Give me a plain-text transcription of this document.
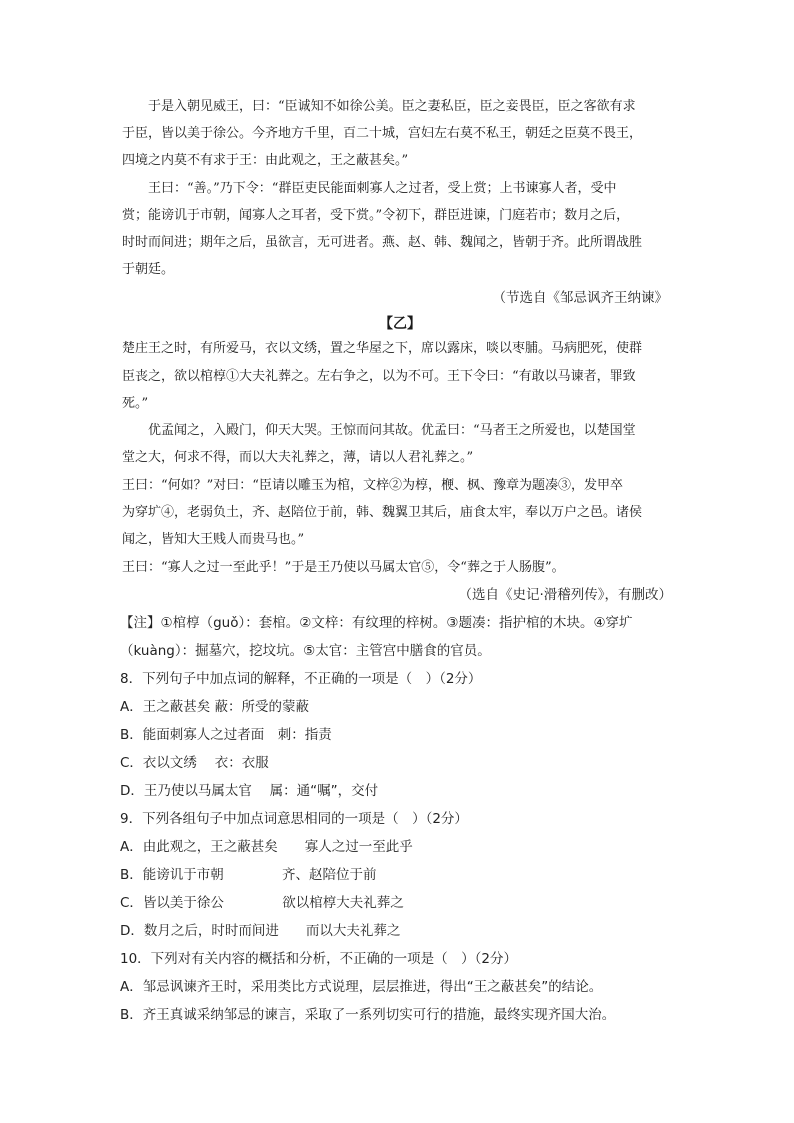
于是入朝见威王，曰：“臣诚知不如徐公美。臣之妻私臣，臣之妾畏臣，臣之客欲有求
于臣，皆以美于徐公。今齐地方千里，百二十城，宫妇左右莫不私王，朝廷之臣莫不畏王，
四境之内莫不有求于王：由此观之，王之蔽甚矣。”
王曰：“善。”乃下令：“群臣吏民能面刺寡人之过者，受上赏；上书谏寡人者，受中
赏；能谤讥于市朝，闻寡人之耳者，受下赏。”令初下，群臣进谏，门庭若市；数月之后，
时时而间进；期年之后，虽欲言，无可进者。燕、赵、韩、魏闻之，皆朝于齐。此所谓战胜
于朝廷。
（节选自《邹忌讽齐王纳谏》
【乙】
楚庄王之时，有所爱马，衣以文绣，置之华屋之下，席以露床，啖以枣脯。马病肥死，使群
臣丧之，欲以棺椁①大夫礼葬之。左右争之，以为不可。王下令曰：“有敢以马谏者，罪致
死。”
优孟闻之，入殿门，仰天大哭。王惊而问其故。优孟曰：“马者王之所爱也，以楚国堂
堂之大，何求不得，而以大夫礼葬之，薄，请以人君礼葬之。”
王曰：“何如？”对曰：“臣请以雕玉为棺，文梓②为椁，楩、枫、豫章为题凑③，发甲卒
为穿圹④，老弱负土，齐、赵陪位于前，韩、魏翼卫其后，庙食太牢，奉以万户之邑。诸侯
闻之，皆知大王贱人而贵马也。”
王曰：“寡人之过一至此乎！”于是王乃使以马属太官⑤，令“葬之于人肠腹”。
（选自《史记·滑稽列传》，有删改）
【注】①棺椁（guǒ）：套棺。②文梓：有纹理的梓树。③题凑：指护棺的木块。④穿圹
（kuàng）：掘墓穴，挖坟坑。⑤太官：主管宫中膳食的官员。
8．下列句子中加点词的解释，不正确的一项是（　）（2分）
A．王之蔽甚矣 蔽：所受的蒙蔽
B．能面刺寡人之过者面　刺：指责
C．衣以文绣　 衣：衣服
D．王乃使以马属太官　 属：通“嘱”，交付
9．下列各组句子中加点词意思相同的一项是（　）（2分）
A．由此观之，王之蔽甚矣　　寡人之过一至此乎
B．能谤讥于市朝　　　　 齐、赵陪位于前
C．皆以美于徐公　　　　 欲以棺椁大夫礼葬之
D．数月之后，时时而间进　　而以大夫礼葬之
10．下列对有关内容的概括和分析，不正确的一项是（　）（2分）
A．邹忌讽谏齐王时，采用类比方式说理，层层推进，得出“王之蔽甚矣”的结论。
B．齐王真诚采纳邹忌的谏言，采取了一系列切实可行的措施，最终实现齐国大治。
